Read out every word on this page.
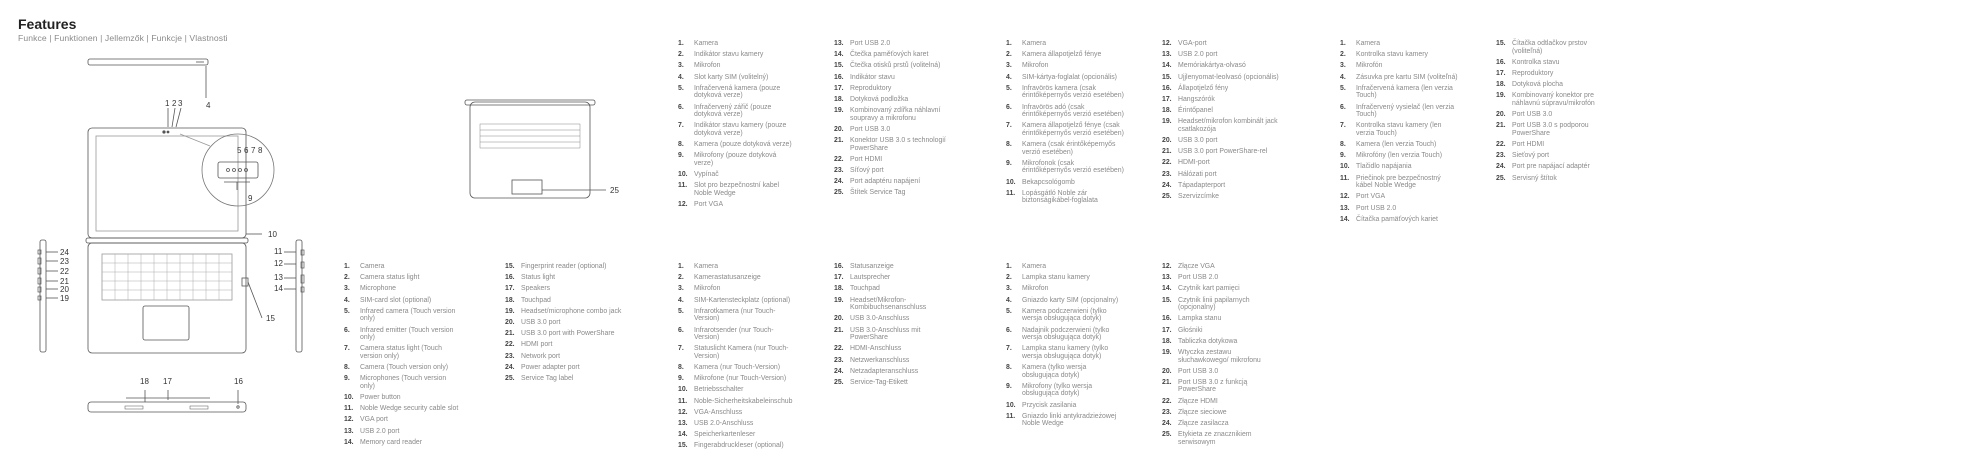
Features
Funkce | Funktionen | Jellemzők | Funkcje | Vlastnosti
4
1 2 3
5 6 7 8
9
10
11
12
13
14
24
23
22
21
20
19
15
18 17	16
25
1.	Camera
2.	Camera status light
3.	Microphone
4.	SIM-card slot (optional)
5.	Infrared camera (Touch version only)
6.	Infrared emitter (Touch version only)
7.	Camera status light (Touch version only)
8.	Camera (Touch version only)
9.	Microphones (Touch version only)
10. Power button
11. Noble Wedge security cable slot
12. VGA port
13. USB 2.0 port
14. Memory card reader
15. Fingerprint reader (optional)
16. Status light
17. Speakers
18. Touchpad
19. Headset/microphone combo jack
20. USB 3.0 port
21. USB 3.0 port with PowerShare
22. HDMI port
23. Network port
24. Power adapter port
25. Service Tag label
1.	Kamera
2.	Indikátor stavu kamery
3.	Mikrofon
4.	Slot karty SIM (volitelný)
5.	Infračervená kamera (pouze dotyková verze)
6.	Infračervený zářič (pouze dotyková verze)
7.	Indikátor stavu kamery (pouze dotyková verze)
8.	Kamera (pouze dotyková verze)
9.	Mikrofony (pouze dotyková verze)
10. Vypínač
11. Slot pro bezpečnostní kabel Noble Wedge
12. Port VGA
13. Port USB 2.0
14. Čtečka paměťových karet
15. Čtečka otisků prstů (volitelná)
16. Indikátor stavu
17. Reproduktory
18. Dotyková podložka
19. Kombinovaný zdířka náhlavní soupravy a mikrofonu
20. Port USB 3.0
21. Konektor USB 3.0 s technologií PowerShare
22. Port HDMI
23. Síťový port
24. Port adaptéru napájení
25. Štítek Service Tag
1.	Kamera
2.	Kamerastatusanzeige
3.	Mikrofon
4.	SIM-Kartensteckplatz (optional)
5.	Infrarotkamera (nur Touch-Version)
6.	Infrarotsender (nur Touch-Version)
7.	Statuslicht Kamera (nur Touch-Version)
8.	Kamera (nur Touch-Version)
9.	Mikrofone (nur Touch-Version)
10. Betriebsschalter
11. Noble-Sicherheitskabeleinschub
12. VGA-Anschluss
13. USB 2.0-Anschluss
14. Speicherkartenleser
15. Fingerabdruckleser (optional)
16. Statusanzeige
17. Lautsprecher
18. Touchpad
19. Headset/Mikrofon-Kombibuchsenanschluss
20. USB 3.0-Anschluss
21. USB 3.0-Anschluss mit PowerShare
22. HDMI-Anschluss
23. Netzwerkanschluss
24. Netzadapteranschluss
25. Service-Tag-Etikett
1.	Kamera
2.	Kamera állapotjelző fénye
3.	Mikrofon
4.	SIM-kártya-foglalat (opcionális)
5.	Infravörös kamera (csak érintőképernyős verzió esetében)
6.	Infravörös adó (csak érintőképernyős verzió esetében)
7.	Kamera állapotjelző fénye (csak érintőképernyős verzió esetében)
8.	Kamera (csak érintőképernyős verzió esetében)
9.	Mikrofonok (csak érintőképernyős verzió esetében)
10. Bekapcsológomb
11. Lopásgátló Noble zár biztonságikábel-foglalata
12. VGA-port
13. USB 2.0 port
14. Memóriakártya-olvasó
15. Ujjlenyomat-leolvasó (opcionális)
16. Állapotjelző fény
17. Hangszórók
18. Érintőpanel
19. Headset/mikrofon kombinált jack csatlakozója
20. USB 3.0 port
21. USB 3.0 port PowerShare-rel
22. HDMI-port
23. Hálózati port
24. Tápadapterport
25. Szervizcímke
1.	Kamera
2.	Lampka stanu kamery
3.	Mikrofon
4.	Gniazdo karty SIM (opcjonalny)
5.	Kamera podczerwieni (tylko wersja obsługująca dotyk)
6.	Nadajnik podczerwieni (tylko wersja obsługująca dotyk)
7.	Lampka stanu kamery (tylko wersja obsługująca dotyk)
8.	Kamera (tylko wersja obsługująca dotyk)
9.	Mikrofony (tylko wersja obsługująca dotyk)
10. Przycisk zasilania
11. Gniazdo linki antykradzieżowej Noble Wedge
12. Złącze VGA
13. Port USB 2.0
14. Czytnik kart pamięci
15. Czytnik linii papilarnych (opcjonalny)
16. Lampka stanu
17. Głośniki
18. Tabliczka dotykowa
19. Wtyczka zestawu słuchawkowego/ mikrofonu
20. Port USB 3.0
21. Port USB 3.0 z funkcją PowerShare
22. Złącze HDMI
23. Złącze sieciowe
24. Złącze zasilacza
25. Etykieta ze znacznikiem serwisowym
1.	Kamera
2.	Kontrolka stavu kamery
3.	Mikrofón
4.	Zásuvka pre kartu SIM (voliteľná)
5.	Infračervená kamera (len verzia Touch)
6.	Infračervený vysielač (len verzia Touch)
7.	Kontrolka stavu kamery (len verzia Touch)
8.	Kamera (len verzia Touch)
9.	Mikrofóny (len verzia Touch)
10. Tlačidlo napájania
11. Priečinok pre bezpečnostný kábel Noble Wedge
12. Port VGA
13. Port USB 2.0
14. Čítačka pamäťových kariet
15. Čítačka odtlačkov prstov (voliteľná)
16. Kontrolka stavu
17. Reproduktory
18. Dotyková plocha
19. Kombinovaný konektor pre náhlavnú súpravu/mikrofón
20. Port USB 3.0
21. Port USB 3.0 s podporou PowerShare
22. Port HDMI
23. Sieťový port
24. Port pre napájací adaptér
25. Servisný štítok
